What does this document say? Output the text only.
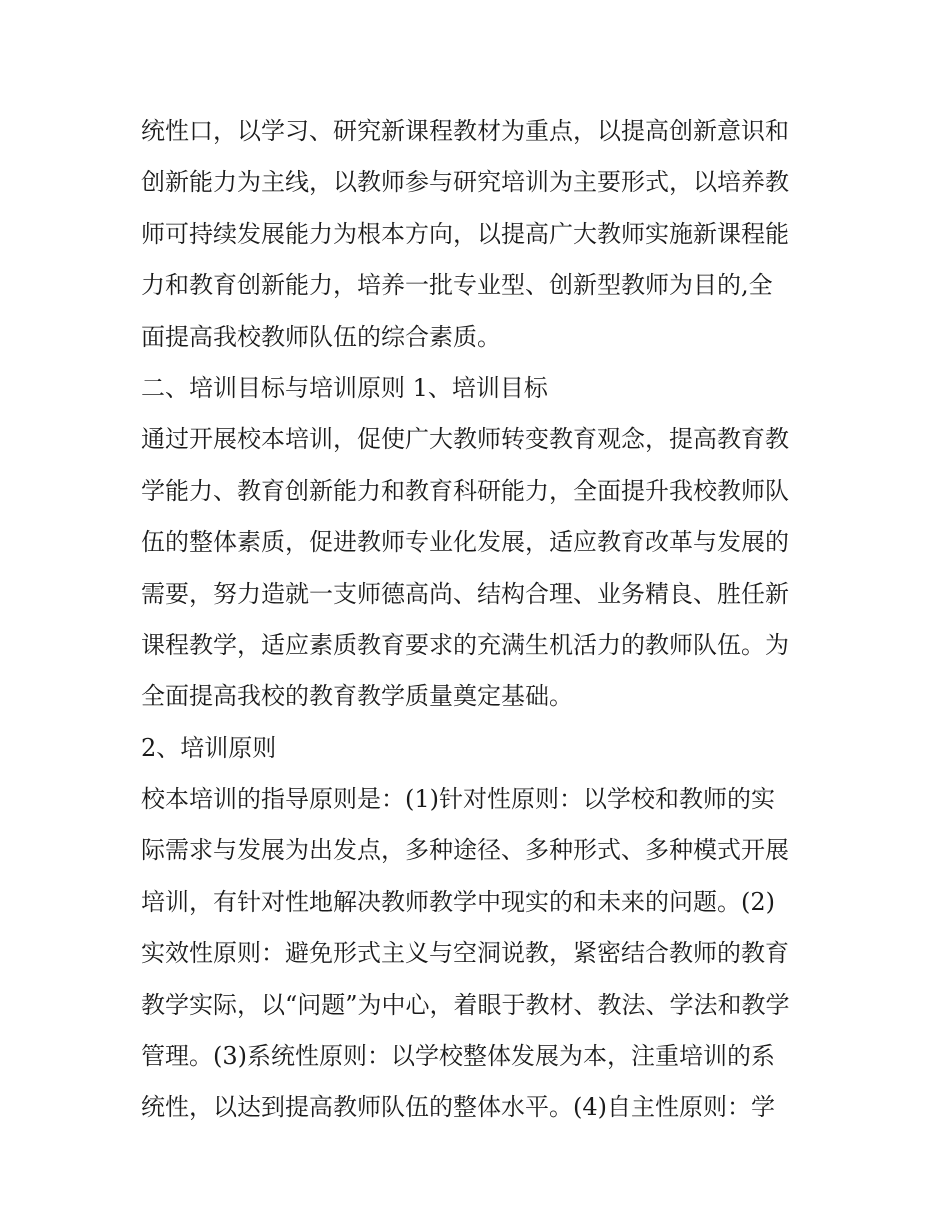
统性口，以学习、研究新课程教材为重点，以提高创新意识和
创新能力为主线，以教师参与研究培训为主要形式，以培养教
师可持续发展能力为根本方向，以提高广大教师实施新课程能
力和教育创新能力，培养一批专业型、创新型教师为目的,全
面提高我校教师队伍的综合素质。
二、培训目标与培训原则 1、培训目标
通过开展校本培训，促使广大教师转变教育观念，提高教育教
学能力、教育创新能力和教育科研能力，全面提升我校教师队
伍的整体素质，促进教师专业化发展，适应教育改革与发展的
需要，努力造就一支师德高尚、结构合理、业务精良、胜任新
课程教学，适应素质教育要求的充满生机活力的教师队伍。为
全面提高我校的教育教学质量奠定基础。
2、培训原则
校本培训的指导原则是：(1)针对性原则：以学校和教师的实
际需求与发展为出发点，多种途径、多种形式、多种模式开展
培训，有针对性地解决教师教学中现实的和未来的问题。(2)
实效性原则：避免形式主义与空洞说教，紧密结合教师的教育
教学实际，以“问题”为中心，着眼于教材、教法、学法和教学
管理。(3)系统性原则：以学校整体发展为本，注重培训的系
统性，以达到提高教师队伍的整体水平。(4)自主性原则：学
